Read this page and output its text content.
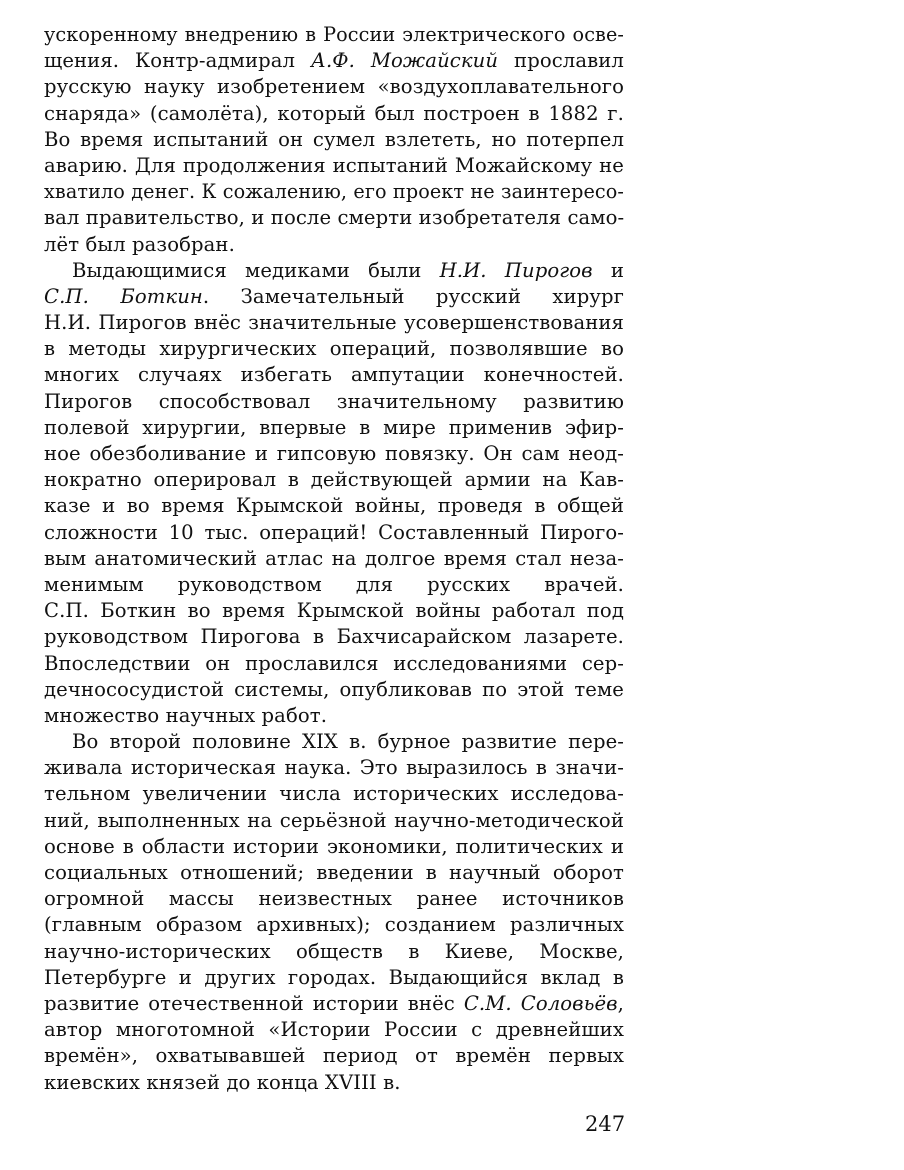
ускоренному внедрению в России электрического осве-
щения. Контр-адмирал А.Ф. Можайский прославил
русскую науку изобретением «воздухоплавательного
снаряда» (самолёта), который был построен в 1882 г.
Во время испытаний он сумел взлететь, но потерпел
аварию. Для продолжения испытаний Можайскому не
хватило денег. К сожалению, его проект не заинтересо-
вал правительство, и после смерти изобретателя само-
лёт был разобран.
Выдающимися медиками были Н.И. Пирогов и
С.П. Боткин. Замечательный русский хирург
Н.И. Пирогов внёс значительные усовершенствования
в методы хирургических операций, позволявшие во
многих случаях избегать ампутации конечностей.
Пирогов способствовал значительному развитию
полевой хирургии, впервые в мире применив эфир-
ное обезболивание и гипсовую повязку. Он сам неод-
нократно оперировал в действующей армии на Кав-
казе и во время Крымской войны, проведя в общей
сложности 10 тыс. операций! Составленный Пирого-
вым анатомический атлас на долгое время стал неза-
менимым руководством для русских врачей.
С.П. Боткин во время Крымской войны работал под
руководством Пирогова в Бахчисарайском лазарете.
Впоследствии он прославился исследованиями сер-
дечнососудистой системы, опубликовав по этой теме
множество научных работ.
Во второй половине XIX в. бурное развитие пере-
живала историческая наука. Это выразилось в значи-
тельном увеличении числа исторических исследова-
ний, выполненных на серьёзной научно-методической
основе в области истории экономики, политических и
социальных отношений; введении в научный оборот
огромной массы неизвестных ранее источников
(главным образом архивных); созданием различных
научно-исторических обществ в Киеве, Москве,
Петербурге и других городах. Выдающийся вклад в
развитие отечественной истории внёс С.М. Соловьёв,
автор многотомной «Истории России с древнейших
времён», охватывавшей период от времён первых
киевских князей до конца XVIII в.
247
